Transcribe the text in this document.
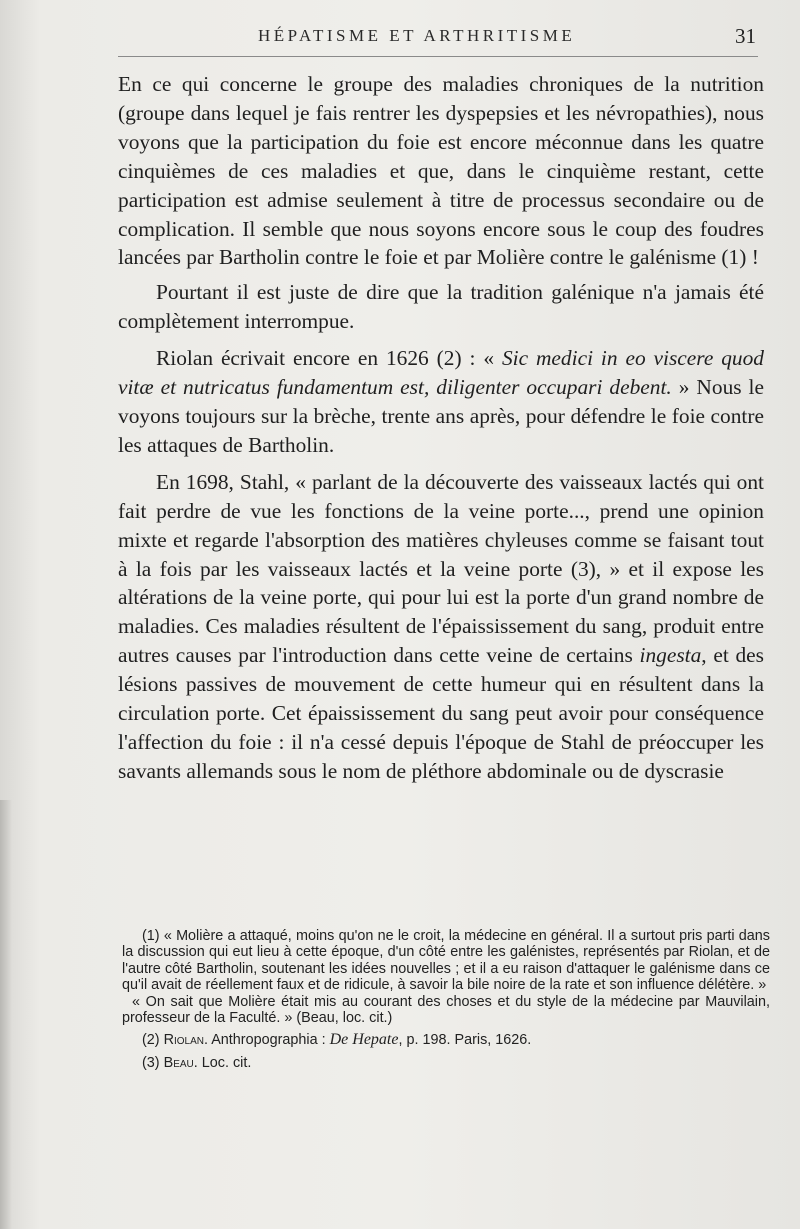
HÉPATISME ET ARTHRITISME	31

En ce qui concerne le groupe des maladies chroniques de la nutrition (groupe dans lequel je fais rentrer les dyspepsies et les névropathies), nous voyons que la participation du foie est encore méconnue dans les quatre cinquièmes de ces maladies et que, dans le cinquième restant, cette participation est admise seulement à titre de processus secondaire ou de complication. Il semble que nous soyons encore sous le coup des foudres lancées par Bartholin contre le foie et par Molière contre le galénisme (1) !

Pourtant il est juste de dire que la tradition galénique n'a jamais été complètement interrompue.

Riolan écrivait encore en 1626 (2) : « Sic medici in eo viscere quod vitæ et nutricatus fundamentum est, diligenter occupari debent. » Nous le voyons toujours sur la brèche, trente ans après, pour défendre le foie contre les attaques de Bartholin.

En 1698, Stahl, « parlant de la découverte des vaisseaux lactés qui ont fait perdre de vue les fonctions de la veine porte..., prend une opinion mixte et regarde l'absorption des matières chyleuses comme se faisant tout à la fois par les vaisseaux lactés et la veine porte (3), » et il expose les altérations de la veine porte, qui pour lui est la porte d'un grand nombre de maladies. Ces maladies résultent de l'épaississement du sang, produit entre autres causes par l'introduction dans cette veine de certains ingesta, et des lésions passives de mouvement de cette humeur qui en résultent dans la circulation porte. Cet épaississement du sang peut avoir pour conséquence l'affection du foie : il n'a cessé depuis l'époque de Stahl de préoccuper les savants allemands sous le nom de pléthore abdominale ou de dyscrasie

(1) « Molière a attaqué, moins qu'on ne le croit, la médecine en général. Il a surtout pris parti dans la discussion qui eut lieu à cette époque, d'un côté entre les galénistes, représentés par Riolan, et de l'autre côté Bartholin, soutenant les idées nouvelles ; et il a eu raison d'attaquer le galénisme dans ce qu'il avait de réellement faux et de ridicule, à savoir la bile noire de la rate et son influence délétère. »

« On sait que Molière était mis au courant des choses et du style de la médecine par Mauvilain, professeur de la Faculté. » (Beau, loc. cit.)

(2) Riolan. Anthropographia : De Hepate, p. 198. Paris, 1626.

(3) Beau. Loc. cit.
